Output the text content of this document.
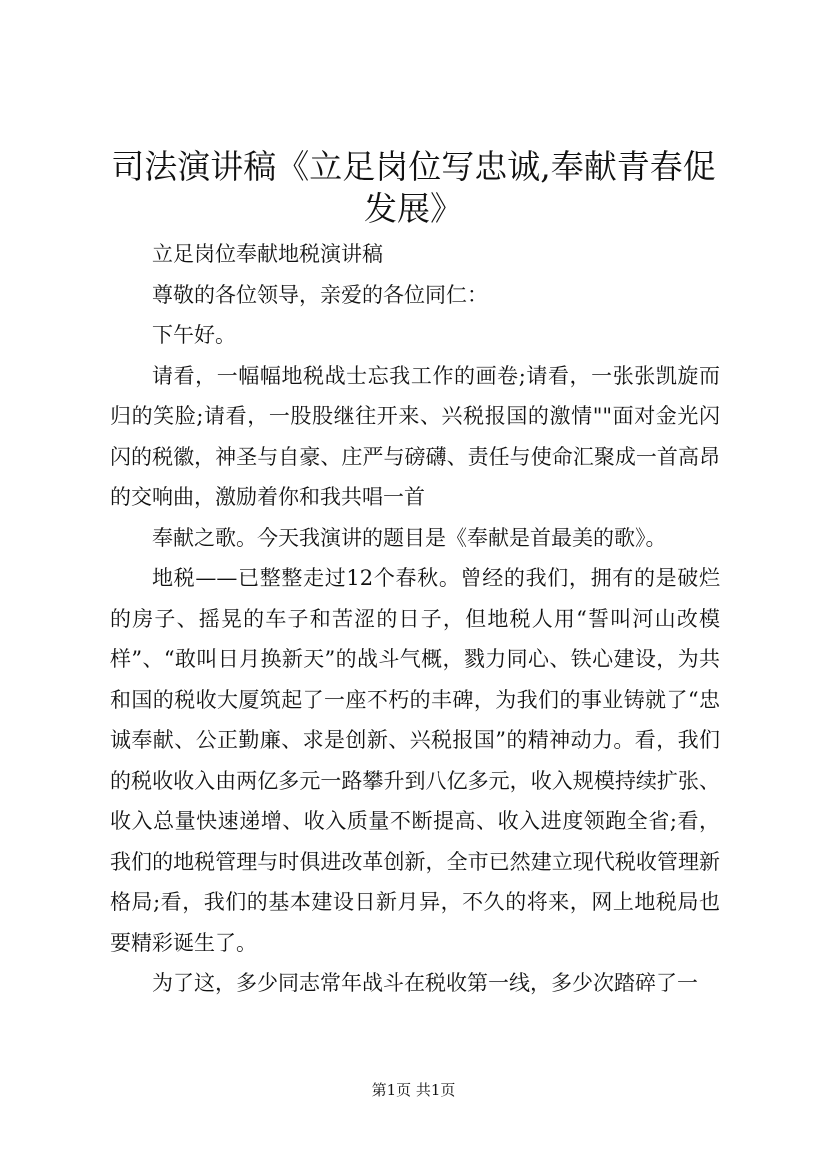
司法演讲稿《立足岗位写忠诚,奉献青春促发展》

立足岗位奉献地税演讲稿

尊敬的各位领导，亲爱的各位同仁：

下午好。

请看，一幅幅地税战士忘我工作的画卷;请看，一张张凯旋而归的笑脸;请看，一股股继往开来、兴税报国的激情""面对金光闪闪的税徽，神圣与自豪、庄严与磅礴、责任与使命汇聚成一首高昂的交响曲，激励着你和我共唱一首

奉献之歌。今天我演讲的题目是《奉献是首最美的歌》。

地税——已整整走过12个春秋。曾经的我们，拥有的是破烂的房子、摇晃的车子和苦涩的日子，但地税人用“誓叫河山改模样”、“敢叫日月换新天”的战斗气概，戮力同心、铁心建设，为共和国的税收大厦筑起了一座不朽的丰碑，为我们的事业铸就了“忠诚奉献、公正勤廉、求是创新、兴税报国”的精神动力。看，我们的税收收入由两亿多元一路攀升到八亿多元，收入规模持续扩张、收入总量快速递增、收入质量不断提高、收入进度领跑全省;看，我们的地税管理与时俱进改革创新，全市已然建立现代税收管理新格局;看，我们的基本建设日新月异，不久的将来，网上地税局也要精彩诞生了。

为了这，多少同志常年战斗在税收第一线，多少次踏碎了一

第1页 共1页
